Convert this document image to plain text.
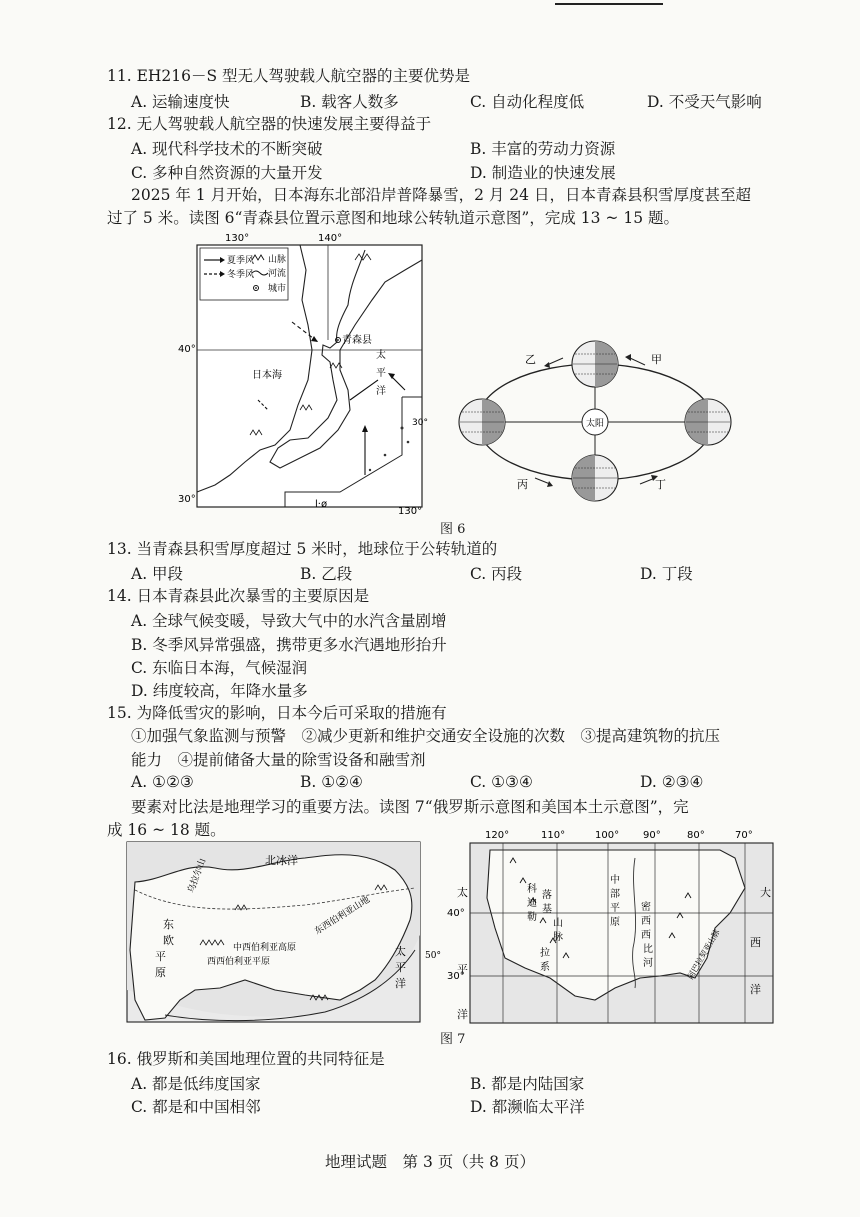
11. EH216－S 型无人驾驶载人航空器的主要优势是
A. 运输速度快	B. 载客人数多	C. 自动化程度低	D. 不受天气影响
12. 无人驾驶载人航空器的快速发展主要得益于
A. 现代科学技术的不断突破	B. 丰富的劳动力资源
C. 多种自然资源的大量开发	D. 制造业的快速发展
2025 年 1 月开始，日本海东北部沿岸普降暴雪，2 月 24 日，日本青森县积雪厚度甚至超
过了 5 米。读图 6“青森县位置示意图和地球公转轨道示意图”，完成 13 ~ 15 题。
130°	140°
130°
40°
30°
30°
夏季风
冬季风
山脉
河流
城市
青森县
日本海
太
平
洋
l·ø
太阳
甲
乙
丙	丁
图 6
13. 当青森县积雪厚度超过 5 米时，地球位于公转轨道的
A. 甲段	B. 乙段	C. 丙段	D. 丁段
14. 日本青森县此次暴雪的主要原因是
A. 全球气候变暖，导致大气中的水汽含量剧增
B. 冬季风异常强盛，携带更多水汽遇地形抬升
C. 东临日本海，气候湿润
D. 纬度较高，年降水量多
15. 为降低雪灾的影响，日本今后可采取的措施有
①加强气象监测与预警　②减少更新和维护交通安全设施的次数　③提高建筑物的抗压
能力　④提前储备大量的除雪设备和融雪剂
A. ①②③	B. ①②④	C. ①③④	D. ②③④
要素对比法是地理学习的重要方法。读图 7“俄罗斯示意图和美国本土示意图”，完
成 16 ~ 18 题。
北冰洋
乌拉尔山
东
欧
平
原
西西伯利亚平原
中西伯利亚高原
东西伯利亚山地
太
平
洋
50°
120°	110°	100° 90°	80°	70°
太
平
洋
大
西
洋
落
基
山
脉
科
迪
勒
拉
系
中
部
平
原
密
西
西
比
河	阿巴拉契亚山脉
40°
30°
图 7
16. 俄罗斯和美国地理位置的共同特征是
A. 都是低纬度国家	B. 都是内陆国家
C. 都是和中国相邻	D. 都濒临太平洋
地理试题　第 3 页（共 8 页）
